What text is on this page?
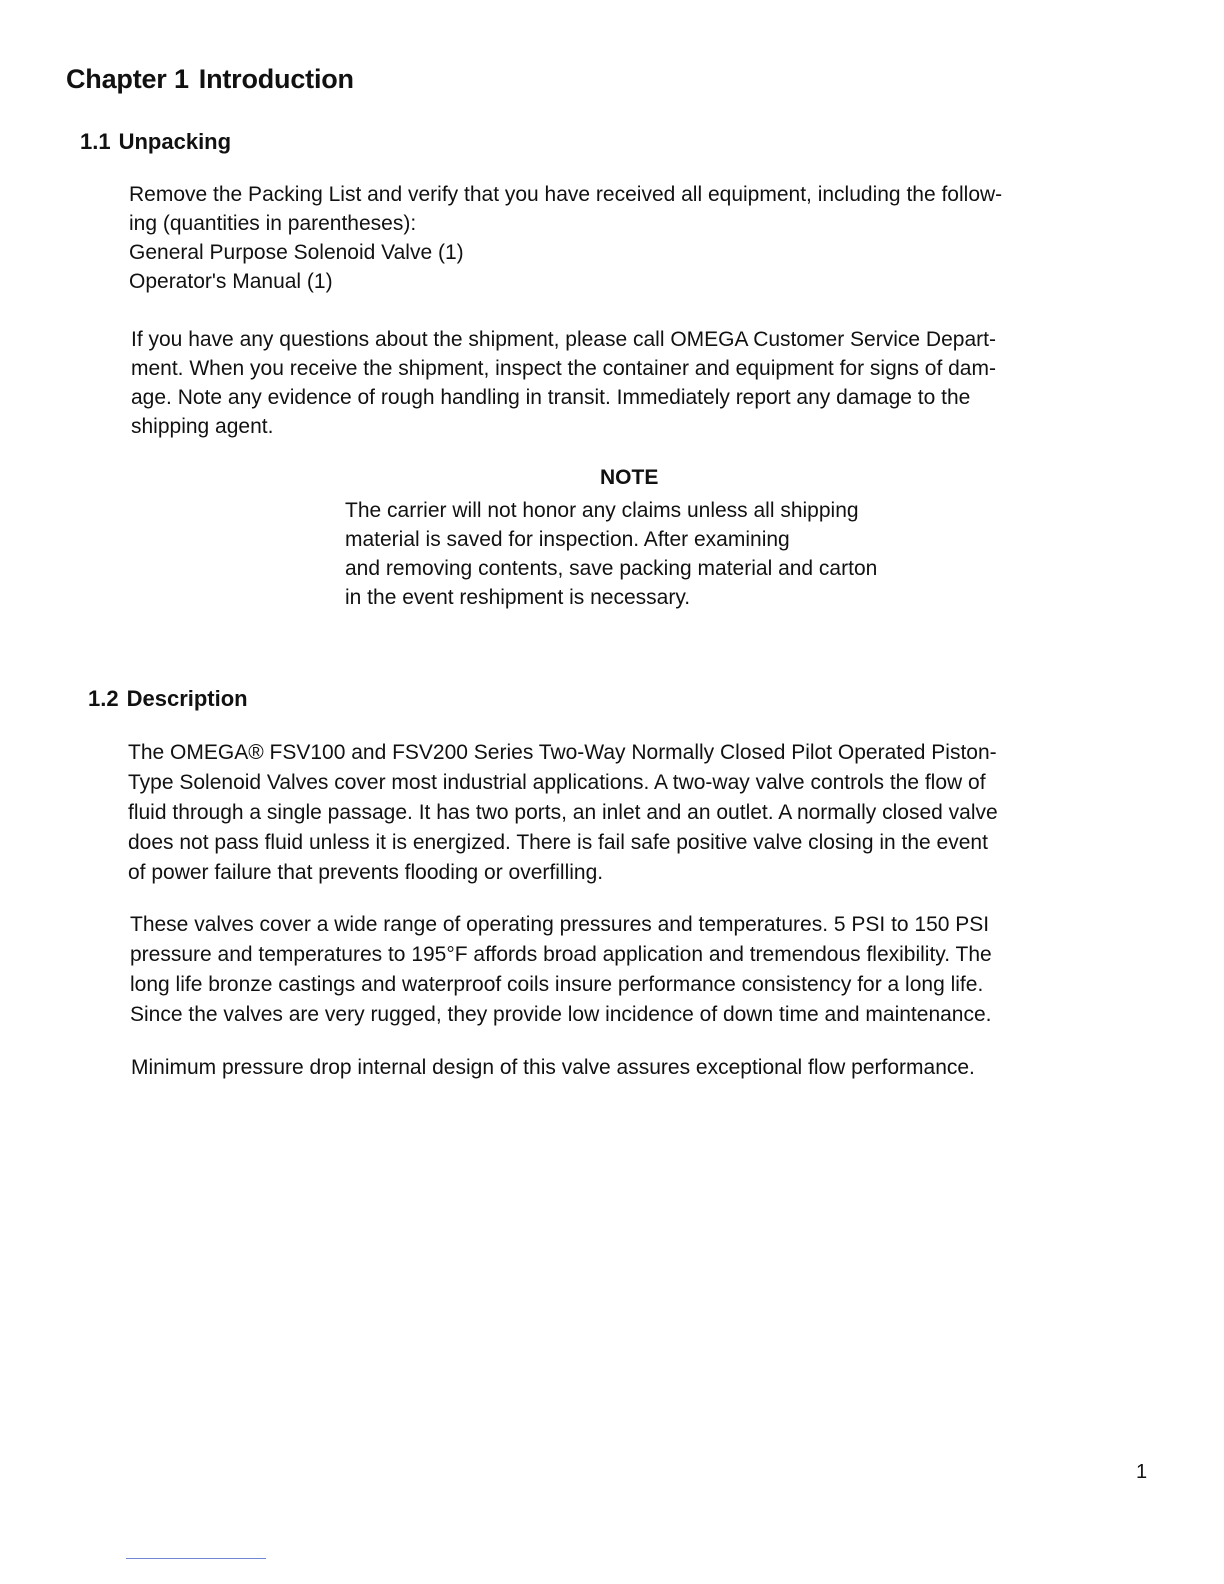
Chapter 1 Introduction
1.1 Unpacking

Remove the Packing List and verify that you have received all equipment, including the follow-
ing (quantities in parentheses):
General Purpose Solenoid Valve (1)
Operator's Manual (1)

If you have any questions about the shipment, please call OMEGA Customer Service Depart-
ment. When you receive the shipment, inspect the container and equipment for signs of dam-
age. Note any evidence of rough handling in transit. Immediately report any damage to the
shipping agent.

NOTE

The carrier will not honor any claims unless all shipping
material is saved for inspection. After examining
and removing contents, save packing material and carton
in the event reshipment is necessary.

1.2 Description

The OMEGA® FSV100 and FSV200 Series Two-Way Normally Closed Pilot Operated Piston-
Type Solenoid Valves cover most industrial applications. A two-way valve controls the flow of
fluid through a single passage. It has two ports, an inlet and an outlet. A normally closed valve
does not pass fluid unless it is energized. There is fail safe positive valve closing in the event
of power failure that prevents flooding or overfilling.

These valves cover a wide range of operating pressures and temperatures. 5 PSI to 150 PSI
pressure and temperatures to 195°F affords broad application and tremendous flexibility. The
long life bronze castings and waterproof coils insure performance consistency for a long life.
Since the valves are very rugged, they provide low incidence of down time and maintenance.

Minimum pressure drop internal design of this valve assures exceptional flow performance.

1
